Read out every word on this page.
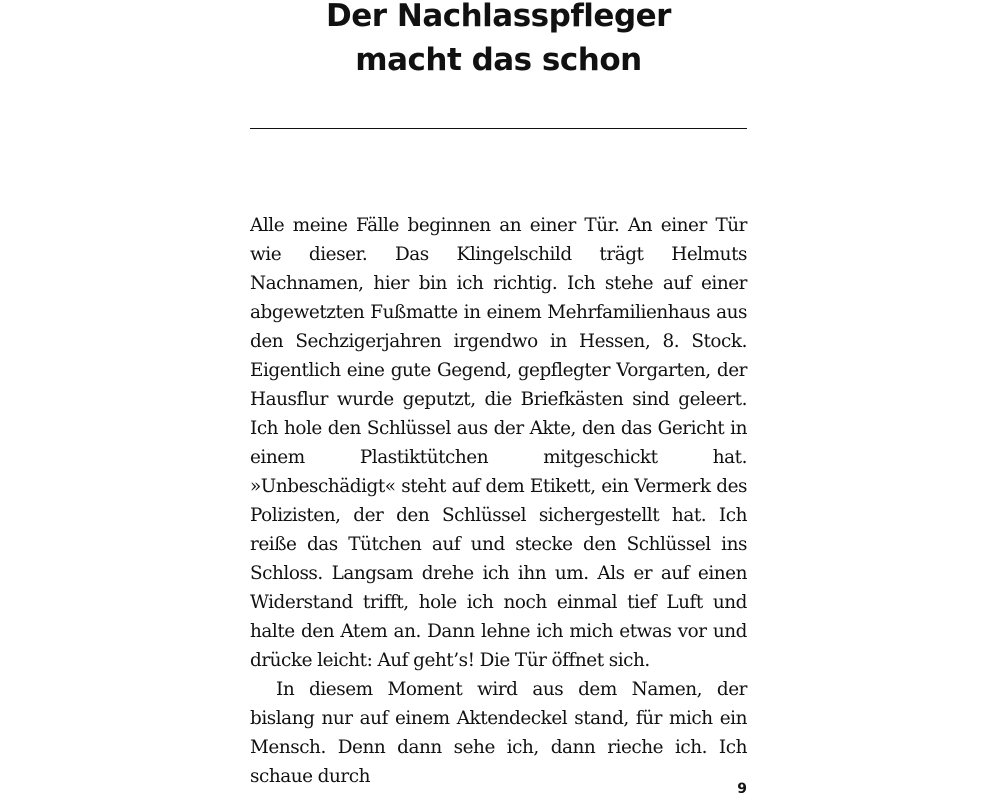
Der Nachlasspfleger
macht das schon

Alle meine Fälle beginnen an einer Tür. An einer Tür wie dieser. Das Klingelschild trägt Helmuts Nachnamen, hier bin ich richtig. Ich stehe auf einer abgewetzten Fußmatte in einem Mehrfamilienhaus aus den Sechzigerjahren irgendwo in Hessen, 8. Stock. Eigentlich eine gute Gegend, gepflegter Vorgarten, der Hausflur wurde geputzt, die Briefkästen sind geleert. Ich hole den Schlüssel aus der Akte, den das Gericht in einem Plastiktütchen mitgeschickt hat. »Unbeschädigt« steht auf dem Etikett, ein Vermerk des Polizisten, der den Schlüssel sichergestellt hat. Ich reiße das Tütchen auf und stecke den Schlüssel ins Schloss. Langsam drehe ich ihn um. Als er auf einen Widerstand trifft, hole ich noch einmal tief Luft und halte den Atem an. Dann lehne ich mich etwas vor und drücke leicht: Auf geht’s! Die Tür öffnet sich.

In diesem Moment wird aus dem Namen, der bislang nur auf einem Aktendeckel stand, für mich ein Mensch. Denn dann sehe ich, dann rieche ich. Ich schaue durch

9
